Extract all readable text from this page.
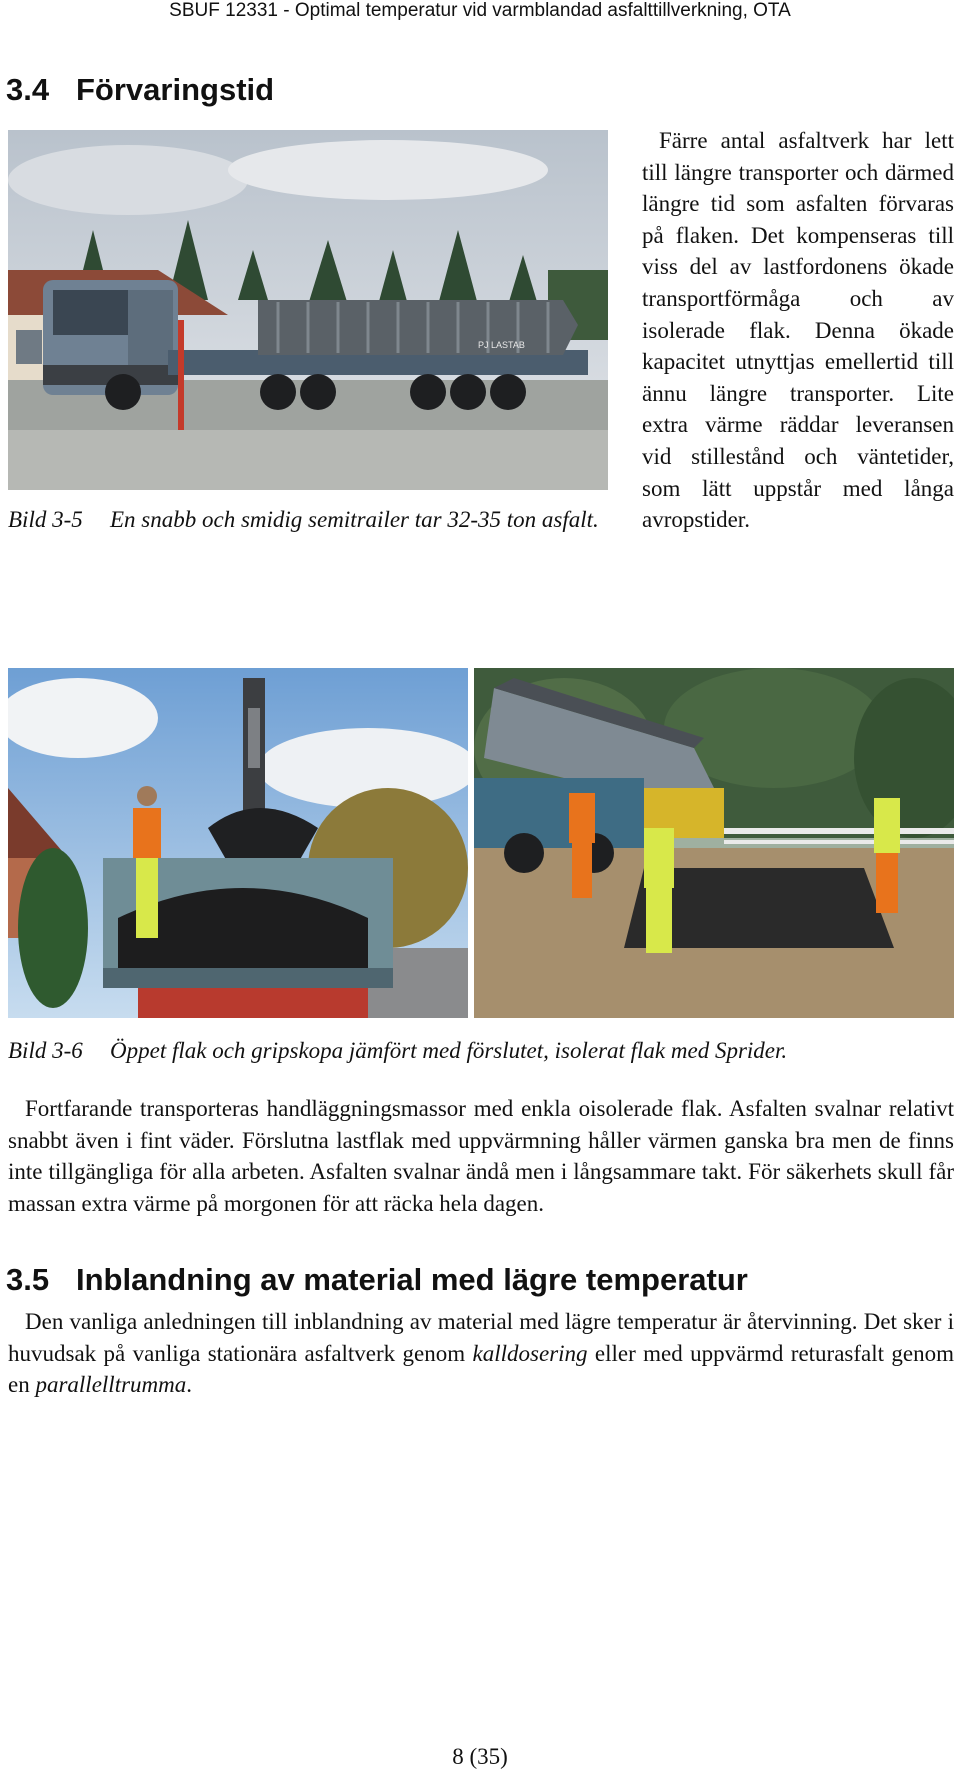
SBUF 12331 - Optimal temperatur vid varmblandad asfalttillverkning, OTA
3.4 Förvaringstid
PJ LASTAB
Bild 3-5	En snabb och smidig semitrailer tar 32-35 ton asfalt.
Färre antal asfaltverk har lett till längre transporter och därmed längre tid som asfalten förvaras på flaken. Det kompenseras till viss del av lastfordonens ökade transportförmåga och av isolerade flak. Denna ökade kapacitet utnyttjas emellertid till ännu längre transporter. Lite extra värme räddar leveransen vid stillestånd och väntetider, som lätt uppstår med långa avropstider.
Bild 3-6 Öppet flak och gripskopa jämfört med förslutet, isolerat flak med Sprider.
Fortfarande transporteras handläggningsmassor med enkla oisolerade flak. Asfalten svalnar relativt snabbt även i fint väder. Förslutna lastflak med uppvärmning håller värmen ganska bra men de finns inte tillgängliga för alla arbeten. Asfalten svalnar ändå men i långsammare takt. För säkerhets skull får massan extra värme på morgonen för att räcka hela dagen.
3.5 Inblandning av material med lägre temperatur
Den vanliga anledningen till inblandning av material med lägre temperatur är återvinning. Det sker i huvudsak på vanliga stationära asfaltverk genom kalldosering eller med uppvärmd returasfalt genom en parallelltrumma.
8 (35)
